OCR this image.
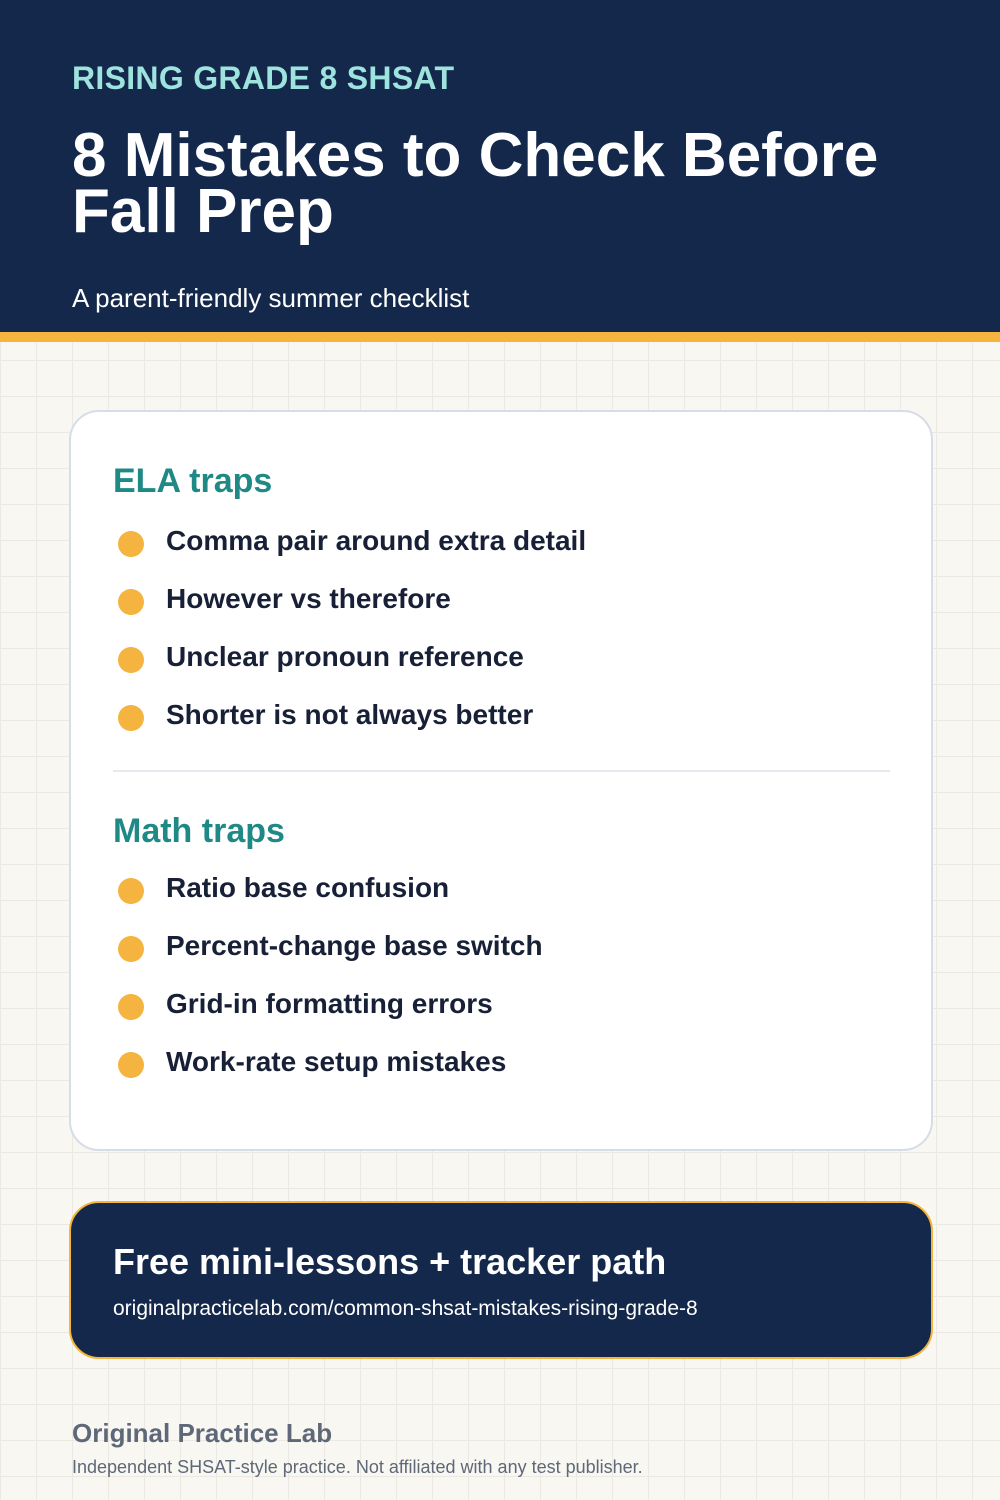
RISING GRADE 8 SHSAT

8 Mistakes to Check Before Fall Prep

A parent-friendly summer checklist

ELA traps
Comma pair around extra detail
However vs therefore
Unclear pronoun reference
Shorter is not always better
Math traps
Ratio base confusion
Percent-change base switch
Grid-in formatting errors
Work-rate setup mistakes

Free mini-lessons + tracker path

originalpracticelab.com/common-shsat-mistakes-rising-grade-8

Original Practice Lab

Independent SHSAT-style practice. Not affiliated with any test publisher.
